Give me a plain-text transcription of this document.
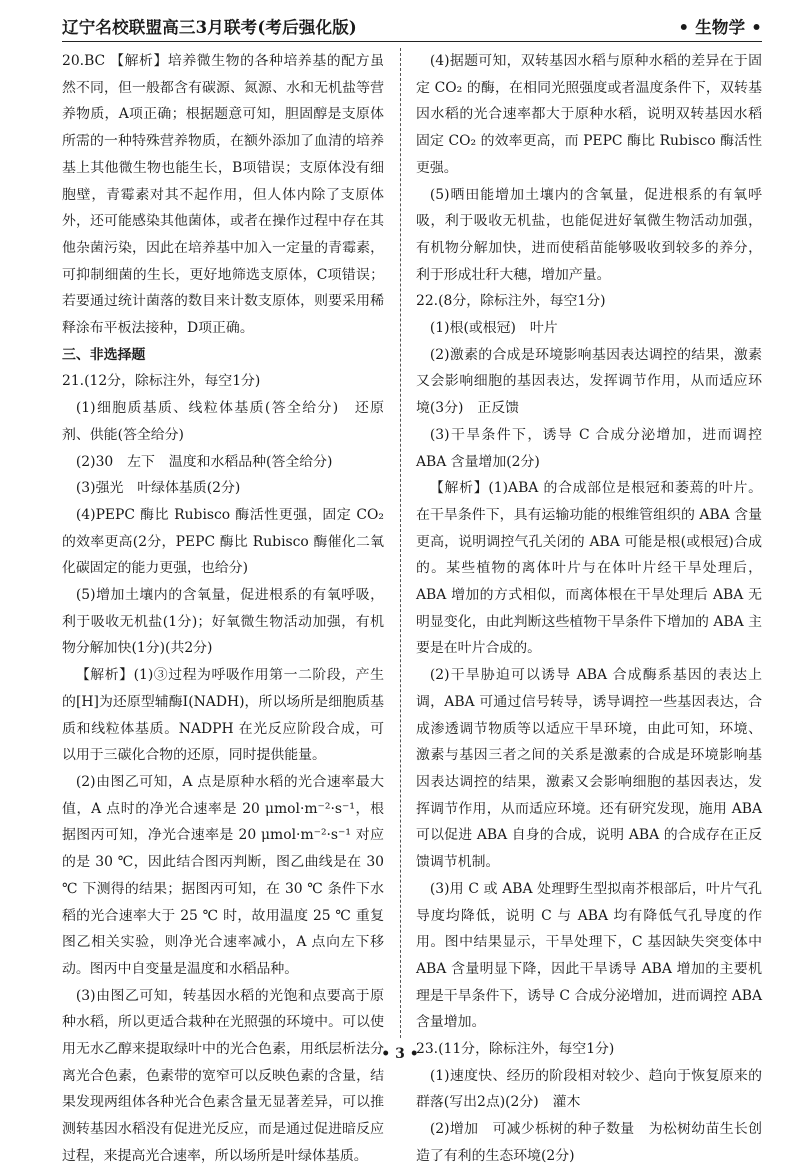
辽宁名校联盟高三3月联考(考后强化版)	• 生物学 •

20.BC 【解析】培养微生物的各种培养基的配方虽然不同，但一般都含有碳源、氮源、水和无机盐等营养物质，A项正确；根据题意可知，胆固醇是支原体所需的一种特殊营养物质，在额外添加了血清的培养基上其他微生物也能生长，B项错误；支原体没有细胞壁，青霉素对其不起作用，但人体内除了支原体外，还可能感染其他菌体，或者在操作过程中存在其他杂菌污染，因此在培养基中加入一定量的青霉素，可抑制细菌的生长，更好地筛选支原体，C项错误；若要通过统计菌落的数目来计数支原体，则要采用稀释涂布平板法接种，D项正确。

三、非选择题

21.(12分，除标注外，每空1分)

(1)细胞质基质、线粒体基质(答全给分)　还原剂、供能(答全给分)

(2)30　左下　温度和水稻品种(答全给分)

(3)强光　叶绿体基质(2分)

(4)PEPC 酶比 Rubisco 酶活性更强，固定 CO₂ 的效率更高(2分，PEPC 酶比 Rubisco 酶催化二氧化碳固定的能力更强，也给分)

(5)增加土壤内的含氧量，促进根系的有氧呼吸，利于吸收无机盐(1分)；好氧微生物活动加强，有机物分解加快(1分)(共2分)

【解析】(1)③过程为呼吸作用第一二阶段，产生的[H]为还原型辅酶Ⅰ(NADH)，所以场所是细胞质基质和线粒体基质。NADPH 在光反应阶段合成，可以用于三碳化合物的还原，同时提供能量。

(2)由图乙可知，A 点是原种水稻的光合速率最大值，A 点时的净光合速率是 20 μmol·m⁻²·s⁻¹，根据图丙可知，净光合速率是 20 μmol·m⁻²·s⁻¹ 对应的是 30 ℃，因此结合图丙判断，图乙曲线是在 30 ℃ 下测得的结果；据图丙可知，在 30 ℃ 条件下水稻的光合速率大于 25 ℃ 时，故用温度 25 ℃ 重复图乙相关实验，则净光合速率减小，A 点向左下移动。图丙中自变量是温度和水稻品种。

(3)由图乙可知，转基因水稻的光饱和点要高于原种水稻，所以更适合栽种在光照强的环境中。可以使用无水乙醇来提取绿叶中的光合色素，用纸层析法分离光合色素，色素带的宽窄可以反映色素的含量，结果发现两组体各种光合色素含量无显著差异，可以推测转基因水稻没有促进光反应，而是通过促进暗反应过程，来提高光合速率，所以场所是叶绿体基质。

(4)据题可知，双转基因水稻与原种水稻的差异在于固定 CO₂ 的酶，在相同光照强度或者温度条件下，双转基因水稻的光合速率都大于原种水稻，说明双转基因水稻固定 CO₂ 的效率更高，而 PEPC 酶比 Rubisco 酶活性更强。

(5)晒田能增加土壤内的含氧量，促进根系的有氧呼吸，利于吸收无机盐，也能促进好氧微生物活动加强，有机物分解加快，进而使稻苗能够吸收到较多的养分，利于形成壮秆大穗，增加产量。

22.(8分，除标注外，每空1分)

(1)根(或根冠)　叶片

(2)激素的合成是环境影响基因表达调控的结果，激素又会影响细胞的基因表达，发挥调节作用，从而适应环境(3分)　正反馈

(3)干旱条件下，诱导 C 合成分泌增加，进而调控 ABA 含量增加(2分)

【解析】(1)ABA 的合成部位是根冠和萎蔫的叶片。在干旱条件下，具有运输功能的根维管组织的 ABA 含量更高，说明调控气孔关闭的 ABA 可能是根(或根冠)合成的。某些植物的离体叶片与在体叶片经干旱处理后，ABA 增加的方式相似，而离体根在干旱处理后 ABA 无明显变化，由此判断这些植物干旱条件下增加的 ABA 主要是在叶片合成的。

(2)干旱胁迫可以诱导 ABA 合成酶系基因的表达上调，ABA 可通过信号转导，诱导调控一些基因表达，合成渗透调节物质等以适应干旱环境，由此可知，环境、激素与基因三者之间的关系是激素的合成是环境影响基因表达调控的结果，激素又会影响细胞的基因表达，发挥调节作用，从而适应环境。还有研究发现，施用 ABA 可以促进 ABA 自身的合成，说明 ABA 的合成存在正反馈调节机制。

(3)用 C 或 ABA 处理野生型拟南芥根部后，叶片气孔导度均降低，说明 C 与 ABA 均有降低气孔导度的作用。图中结果显示，干旱处理下，C 基因缺失突变体中 ABA 含量明显下降，因此干旱诱导 ABA 增加的主要机理是干旱条件下，诱导 C 合成分泌增加，进而调控 ABA 含量增加。

23.(11分，除标注外，每空1分)

(1)速度快、经历的阶段相对较少、趋向于恢复原来的群落(写出2点)(2分)　灌木

(2)增加　可减少栎树的种子数量　为松树幼苗生长创造了有利的生态环境(2分)

• 3 •
